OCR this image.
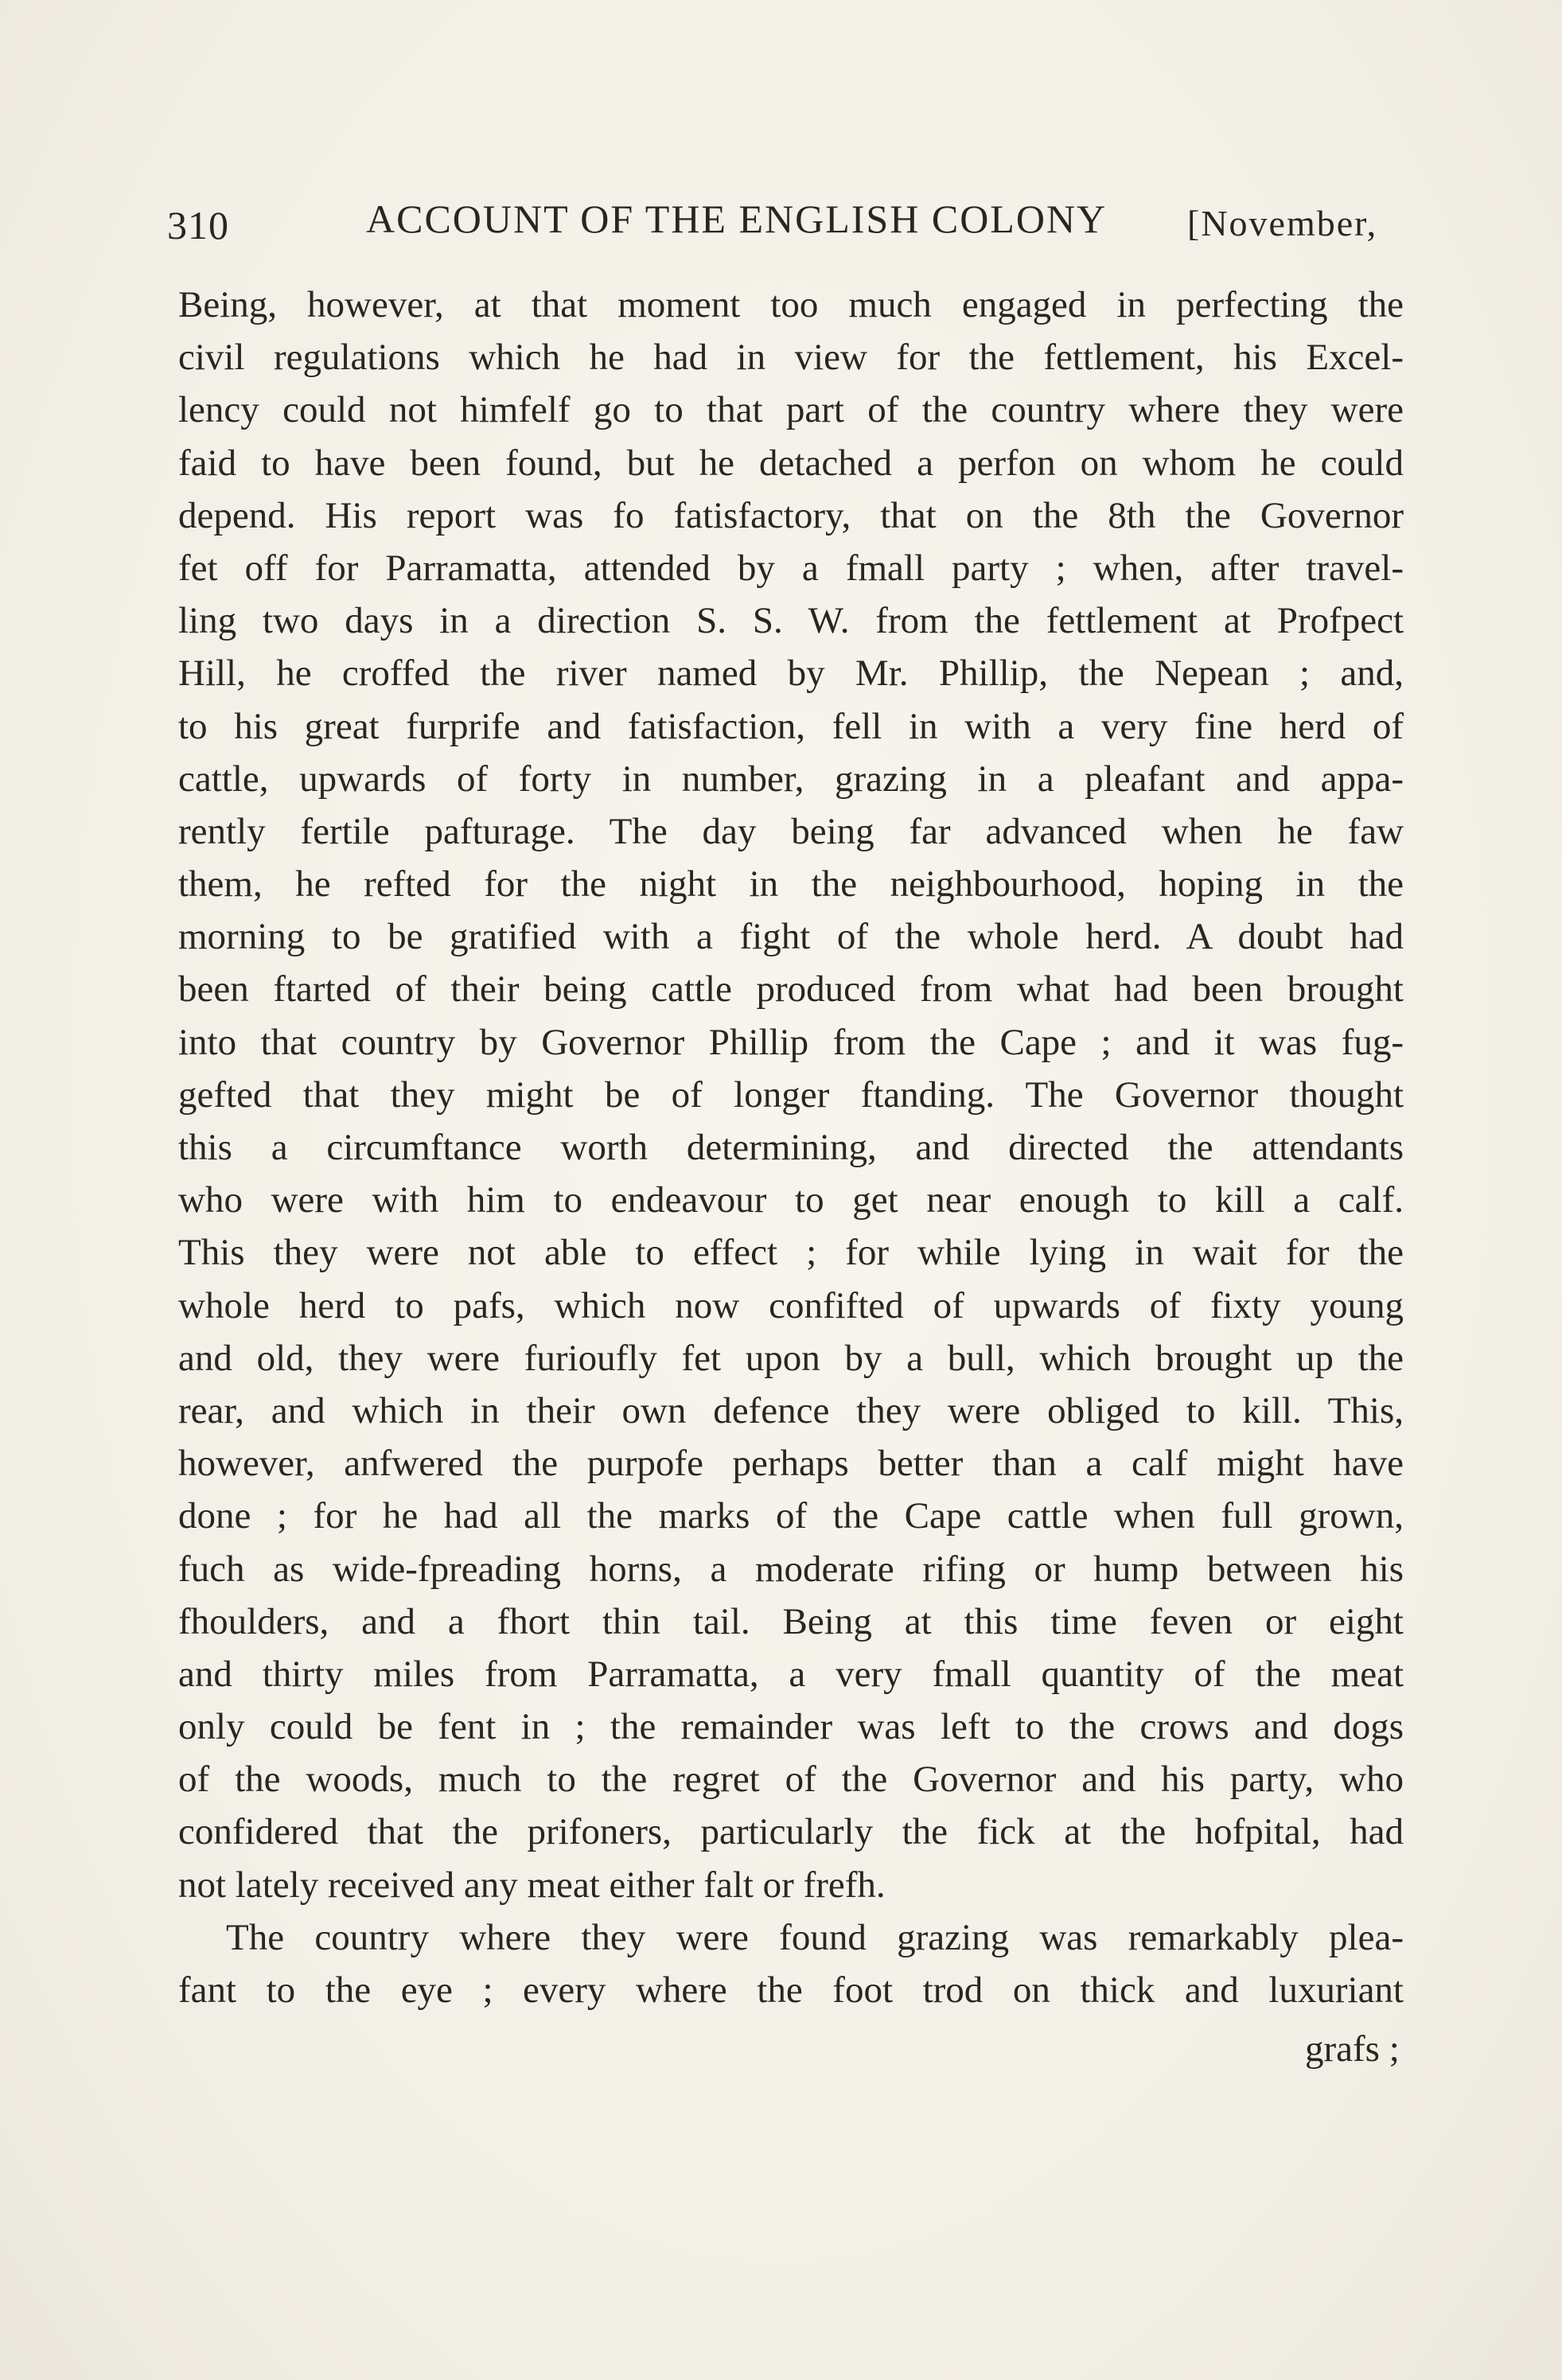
310	ACCOUNT OF THE ENGLISH COLONY [November,
Being, however, at that moment too much engaged in perfecting the
civil regulations which he had in view for the fettlement, his Excel-
lency could not himfelf go to that part of the country where they were
faid to have been found, but he detached a perfon on whom he could
depend. His report was fo fatisfactory, that on the 8th the Governor
fet off for Parramatta, attended by a fmall party ; when, after travel-
ling two days in a direction S. S. W. from the fettlement at Profpect
Hill, he croffed the river named by Mr. Phillip, the Nepean ; and,
to his great furprife and fatisfaction, fell in with a very fine herd of
cattle, upwards of forty in number, grazing in a pleafant and appa-
rently fertile pafturage. The day being far advanced when he faw
them, he refted for the night in the neighbourhood, hoping in the
morning to be gratified with a fight of the whole herd. A doubt had
been ftarted of their being cattle produced from what had been brought
into that country by Governor Phillip from the Cape ; and it was fug-
gefted that they might be of longer ftanding. The Governor thought
this a circumftance worth determining, and directed the attendants
who were with him to endeavour to get near enough to kill a calf.
This they were not able to effect ; for while lying in wait for the
whole herd to pafs, which now confifted of upwards of fixty young
and old, they were furioufly fet upon by a bull, which brought up the
rear, and which in their own defence they were obliged to kill. This,
however, anfwered the purpofe perhaps better than a calf might have
done ; for he had all the marks of the Cape cattle when full grown,
fuch as wide-fpreading horns, a moderate rifing or hump between his
fhoulders, and a fhort thin tail. Being at this time feven or eight
and thirty miles from Parramatta, a very fmall quantity of the meat
only could be fent in ; the remainder was left to the crows and dogs
of the woods, much to the regret of the Governor and his party, who
confidered that the prifoners, particularly the fick at the hofpital, had
not lately received any meat either falt or frefh.
The country where they were found grazing was remarkably plea-
fant to the eye ; every where the foot trod on thick and luxuriant
grafs ;
